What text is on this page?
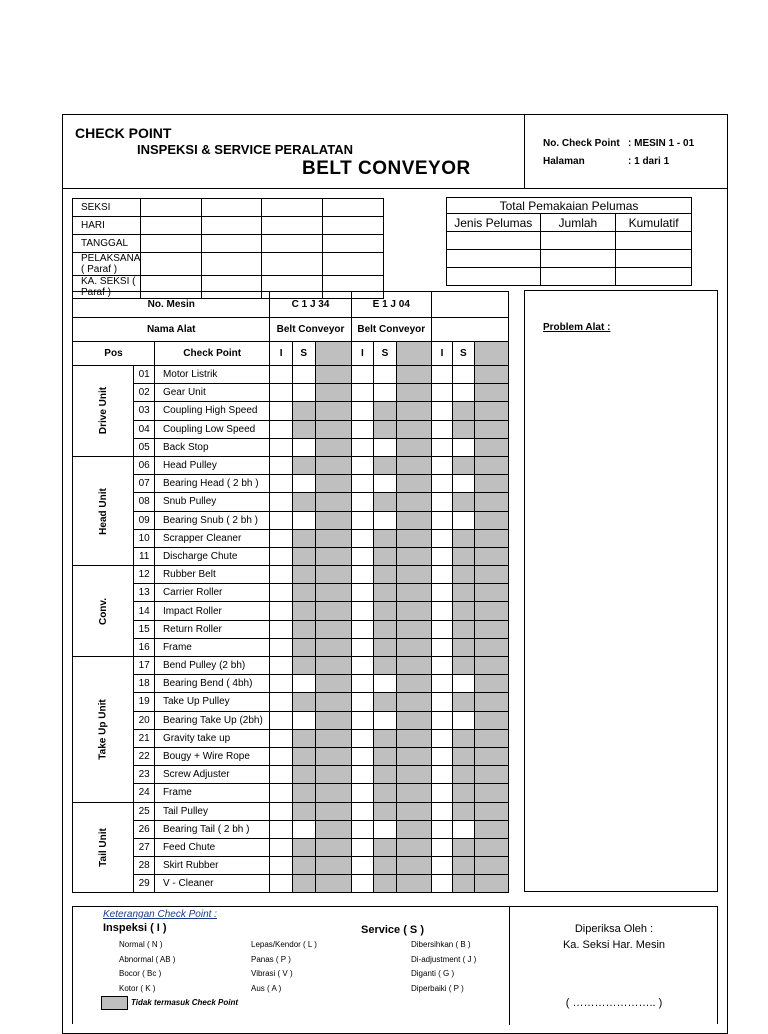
CHECK POINT
INSPEKSI & SERVICE PERALATAN
BELT CONVEYOR
No. Check Point : MESIN 1 - 01
Halaman	: 1 dari 1
SEKSI				
HARI				
TANGGAL				
PELAKSANA ( Paraf )				
KA. SEKSI ( Paraf )				
Total Pemakaian Pelumas		
Jenis Pelumas	Jumlah	Kumulatif

No. Mesin			C 1 J 34			E 1 J 04					
Nama Alat			Belt Conveyor			Belt Conveyor					
Pos		Check Point	I	S		I	S		I	S	
Drive Unit	01	Motor Listrik									
	02	Gear Unit									
	03	Coupling High Speed									
	04	Coupling Low Speed									
	05	Back Stop									
Head Unit	06	Head Pulley									
	07	Bearing Head ( 2 bh )									
	08	Snub Pulley									
	09	Bearing Snub ( 2 bh )									
	10	Scrapper Cleaner									
	11	Discharge Chute									
Conv.	12	Rubber Belt									
	13	Carrier Roller									
	14	Impact Roller									
	15	Return Roller									
	16	Frame									
Take Up Unit	17	Bend Pulley (2 bh)									
	18	Bearing Bend ( 4bh)									
	19	Take Up Pulley									
	20	Bearing Take Up (2bh)									
	21	Gravity take up									
	22	Bougy + Wire Rope									
	23	Screw Adjuster									
	24	Frame									
Tail Unit	25	Tail Pulley									
	26	Bearing Tail ( 2 bh )									
	27	Feed Chute									
	28	Skirt Rubber									
	29	V - Cleaner									
Problem Alat :
Keterangan Check Point :
Inspeksi ( I )	Service ( S )
Tidak termasuk Check Point
Diperiksa Oleh :
Ka. Seksi Har. Mesin
( ………………….. )
Normal ( N )
Abnormal ( AB )
Bocor ( Bc )
Kotor ( K )
Lepas/Kendor ( L )
Panas ( P )
Vibrasi ( V )
Aus ( A )
Dibersihkan ( B )
Di-adjustment ( J )
Diganti ( G )
Diperbaiki ( P )
